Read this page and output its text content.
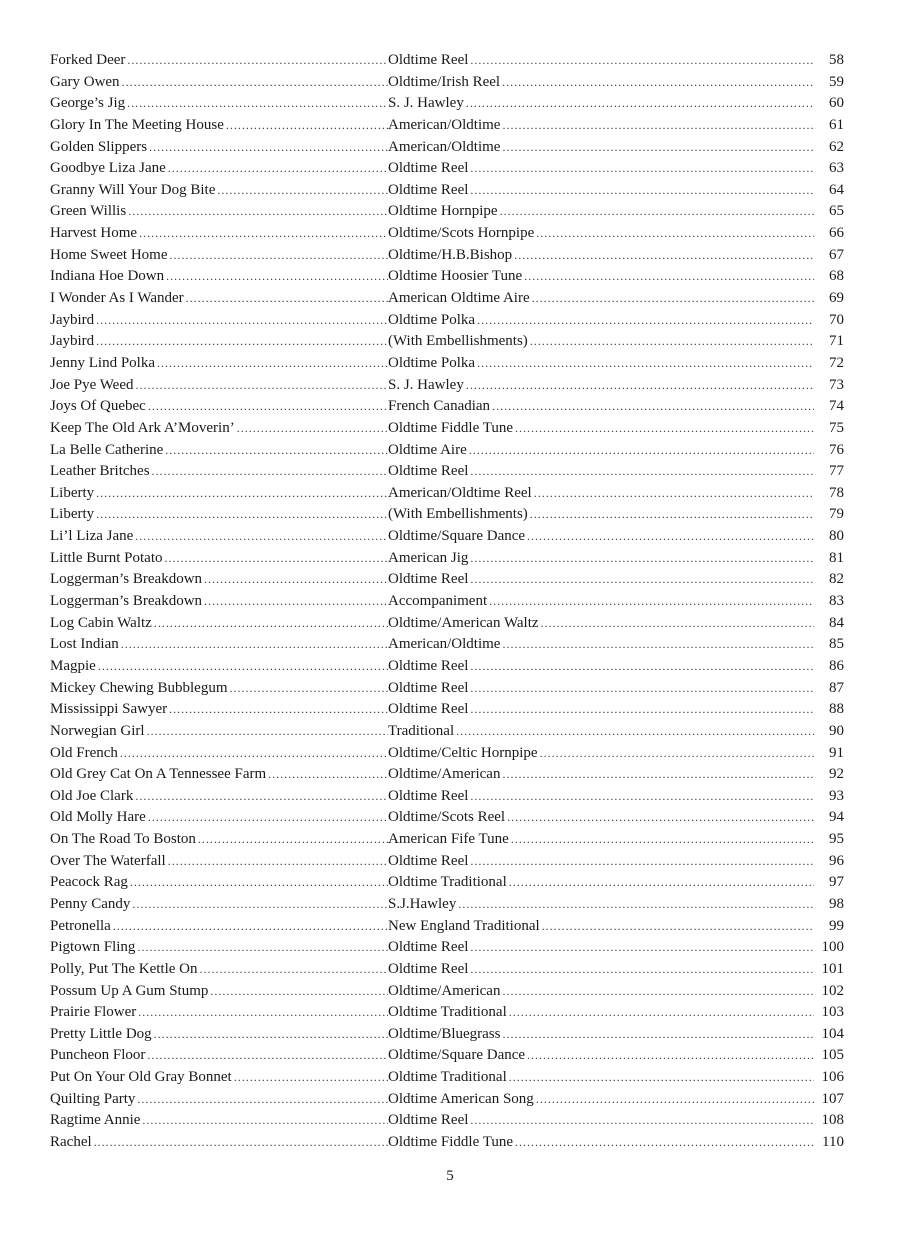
Forked Deer .....	Oldtime Reel .....	58
Gary Owen .....	Oldtime/Irish Reel .....	59
George’s Jig .....	S. J. Hawley .....	60
Glory In The Meeting House .....	American/Oldtime .....	61
Golden Slippers .....	American/Oldtime .....	62
Goodbye Liza Jane .....	Oldtime Reel .....	63
Granny Will Your Dog Bite .....	Oldtime Reel .....	64
Green Willis .....	Oldtime Hornpipe .....	65
Harvest Home .....	Oldtime/Scots Hornpipe .....	66
Home Sweet Home .....	Oldtime/H.B.Bishop .....	67
Indiana Hoe Down .....	Oldtime Hoosier Tune .....	68
I Wonder As I Wander .....	American Oldtime Aire .....	69
Jaybird .....	Oldtime Polka .....	70
Jaybird .....	(With Embellishments) .....	71
Jenny Lind Polka .....	Oldtime Polka .....	72
Joe Pye Weed .....	S. J. Hawley .....	73
Joys Of Quebec .....	French Canadian .....	74
Keep The Old Ark A’Moverin’ .....	Oldtime Fiddle Tune .....	75
La Belle Catherine .....	Oldtime Aire .....	76
Leather Britches .....	Oldtime Reel .....	77
Liberty .....	American/Oldtime Reel .....	78
Liberty .....	(With Embellishments) .....	79
Li’l Liza Jane .....	Oldtime/Square Dance .....	80
Little Burnt Potato .....	American Jig .....	81
Loggerman’s Breakdown .....	Oldtime Reel .....	82
Loggerman’s Breakdown .....	Accompaniment .....	83
Log Cabin Waltz .....	Oldtime/American Waltz .....	84
Lost Indian .....	American/Oldtime .....	85
Magpie .....	Oldtime Reel .....	86
Mickey Chewing Bubblegum .....	Oldtime Reel .....	87
Mississippi Sawyer .....	Oldtime Reel .....	88
Norwegian Girl .....	Traditional .....	90
Old French .....	Oldtime/Celtic Hornpipe .....	91
Old Grey Cat On A Tennessee Farm .....	Oldtime/American .....	92
Old Joe Clark .....	Oldtime Reel .....	93
Old Molly Hare .....	Oldtime/Scots Reel .....	94
On The Road To Boston .....	American Fife Tune .....	95
Over The Waterfall .....	Oldtime Reel .....	96
Peacock Rag .....	Oldtime Traditional .....	97
Penny Candy .....	S.J.Hawley .....	98
Petronella .....	New England Traditional .....	99
Pigtown Fling .....	Oldtime Reel .....	100
Polly, Put The Kettle On .....	Oldtime Reel .....	101
Possum Up A Gum Stump .....	Oldtime/American .....	102
Prairie Flower .....	Oldtime Traditional .....	103
Pretty Little Dog .....	Oldtime/Bluegrass .....	104
Puncheon Floor .....	Oldtime/Square Dance .....	105
Put On Your Old Gray Bonnet .....	Oldtime Traditional .....	106
Quilting Party .....	Oldtime American Song .....	107
Ragtime Annie .....	Oldtime Reel .....	108
Rachel .....	Oldtime Fiddle Tune .....	110
5
